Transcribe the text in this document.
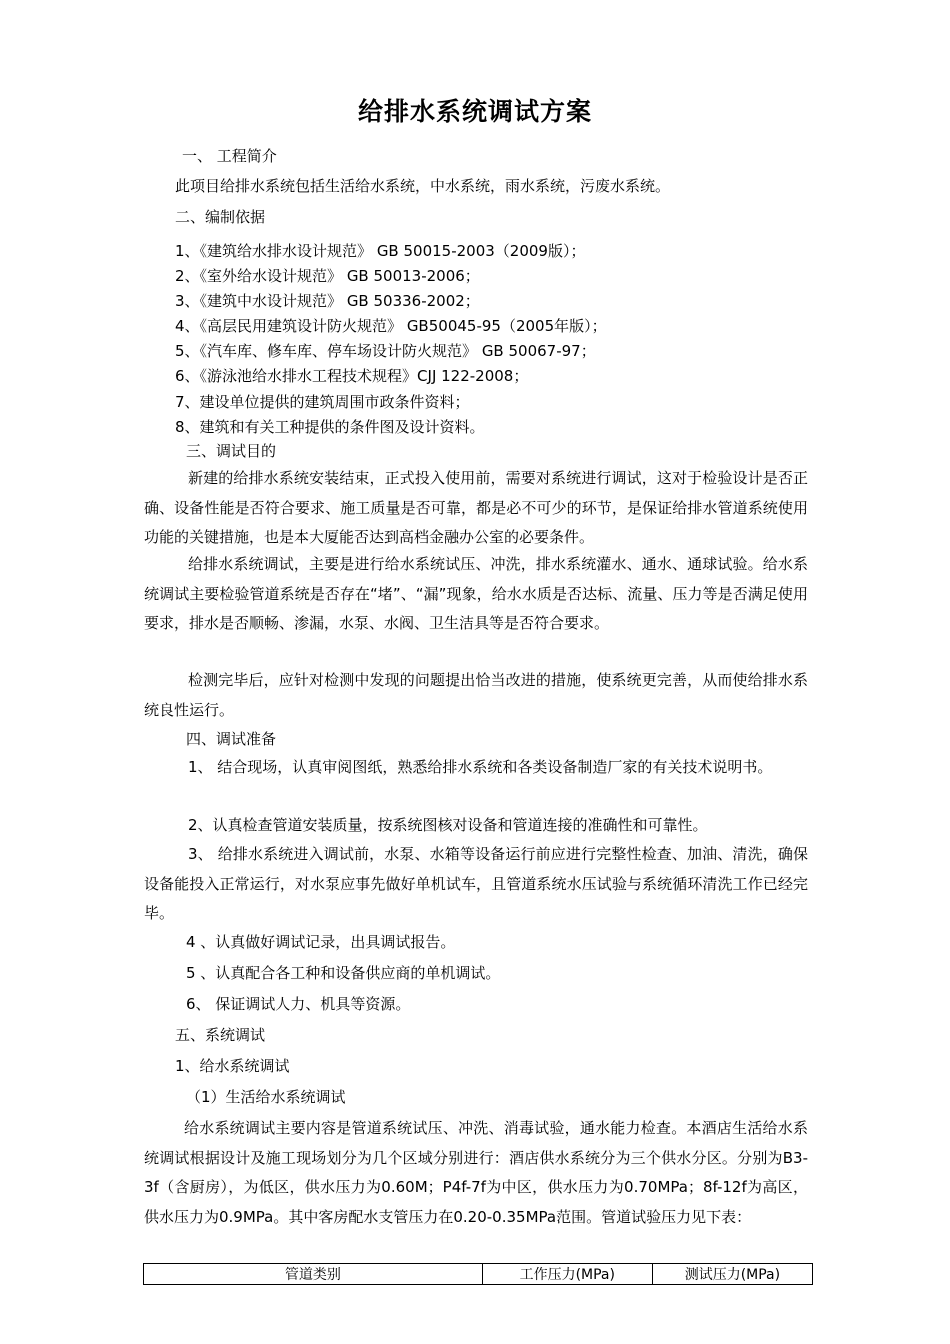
给排水系统调试方案
一、 工程简介
此项目给排水系统包括生活给水系统，中水系统，雨水系统，污废水系统。
二、编制依据
1、《建筑给水排水设计规范》 GB 50015-2003（2009版）；
2、《室外给水设计规范》 GB 50013-2006；
3、《建筑中水设计规范》 GB 50336-2002；
4、《高层民用建筑设计防火规范》 GB50045-95（2005年版）；
5、《汽车库、修车库、停车场设计防火规范》 GB 50067-97；
6、《游泳池给水排水工程技术规程》CJJ 122-2008；
7、建设单位提供的建筑周围市政条件资料；
8、建筑和有关工种提供的条件图及设计资料。
三、调试目的
新建的给排水系统安装结束，正式投入使用前，需要对系统进行调试，这对于检验设计是否正确、设备性能是否符合要求、施工质量是否可靠，都是必不可少的环节，是保证给排水管道系统使用功能的关键措施，也是本大厦能否达到高档金融办公室的必要条件。
给排水系统调试，主要是进行给水系统试压、冲洗，排水系统灌水、通水、通球试验。给水系统调试主要检验管道系统是否存在“堵”、“漏”现象，给水水质是否达标、流量、压力等是否满足使用要求，排水是否顺畅、渗漏，水泵、水阀、卫生洁具等是否符合要求。
检测完毕后，应针对检测中发现的问题提出恰当改进的措施，使系统更完善，从而使给排水系统良性运行。
四、调试准备
1、 结合现场，认真审阅图纸，熟悉给排水系统和各类设备制造厂家的有关技术说明书。
2、认真检查管道安装质量，按系统图核对设备和管道连接的准确性和可靠性。
3、 给排水系统进入调试前，水泵、水箱等设备运行前应进行完整性检查、加油、清洗，确保设备能投入正常运行，对水泵应事先做好单机试车，且管道系统水压试验与系统循环清洗工作已经完毕。
4 、认真做好调试记录，出具调试报告。
5 、认真配合各工种和设备供应商的单机调试。
6、 保证调试人力、机具等资源。
五、系统调试
1、给水系统调试
（1）生活给水系统调试
给水系统调试主要内容是管道系统试压、冲洗、消毒试验，通水能力检查。本酒店生活给水系统调试根据设计及施工现场划分为几个区域分别进行：酒店供水系统分为三个供水分区。分别为B3-3f（含厨房），为低区，供水压力为0.60M；P4f-7f为中区，供水压力为0.70MPa；8f-12f为高区，供水压力为0.9MPa。其中客房配水支管压力在0.20-0.35MPa范围。管道试验压力见下表：
管道类别	工作压力(MPa)	测试压力(MPa)
